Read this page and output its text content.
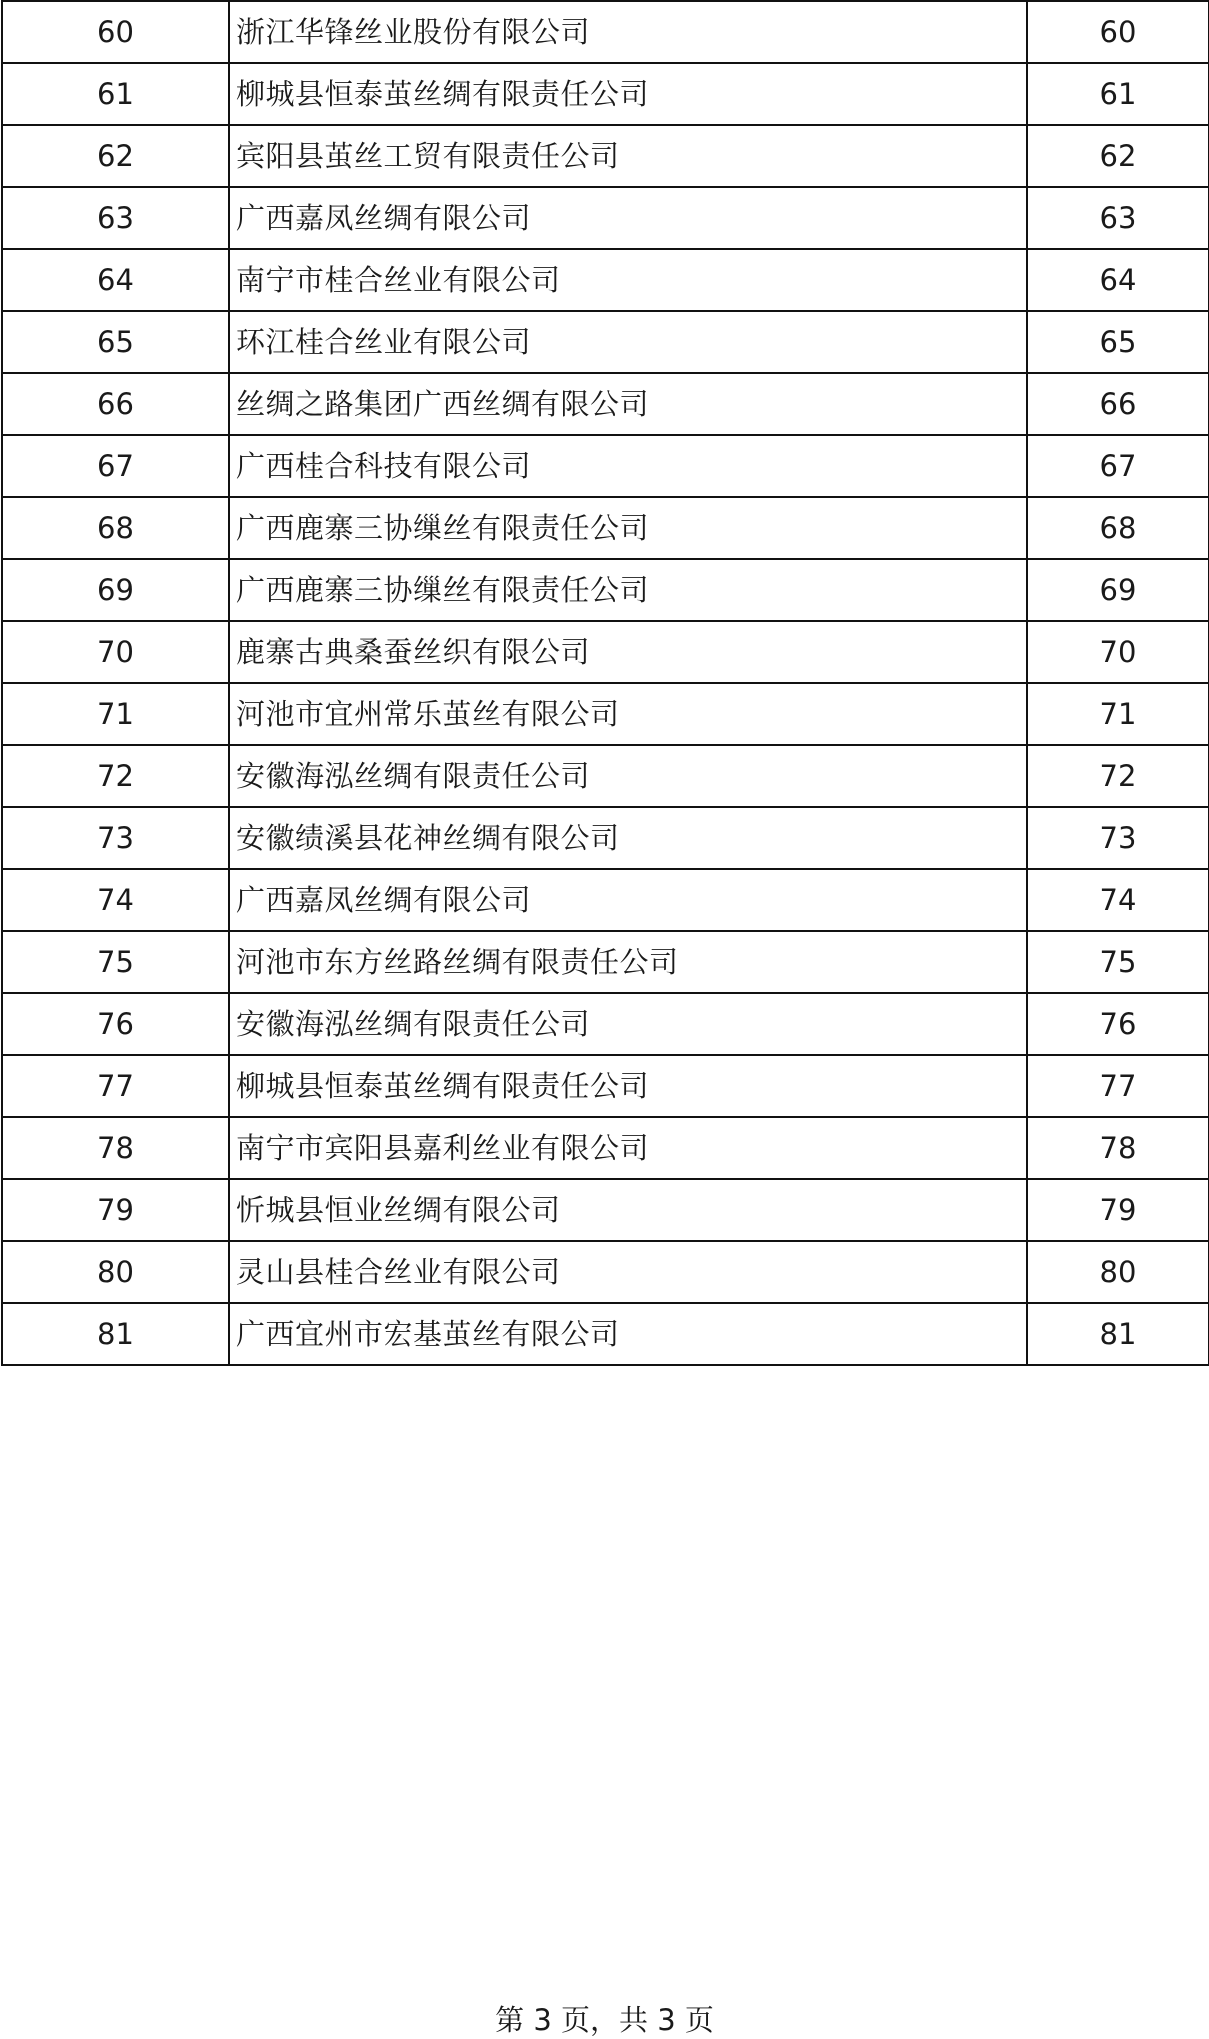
60	浙江华锋丝业股份有限公司	60
61	柳城县恒泰茧丝绸有限责任公司	61
62	宾阳县茧丝工贸有限责任公司	62
63	广西嘉凤丝绸有限公司	63
64	南宁市桂合丝业有限公司	64
65	环江桂合丝业有限公司	65
66	丝绸之路集团广西丝绸有限公司	66
67	广西桂合科技有限公司	67
68	广西鹿寨三协缫丝有限责任公司	68
69	广西鹿寨三协缫丝有限责任公司	69
70	鹿寨古典桑蚕丝织有限公司	70
71	河池市宜州常乐茧丝有限公司	71
72	安徽海泓丝绸有限责任公司	72
73	安徽绩溪县花神丝绸有限公司	73
74	广西嘉凤丝绸有限公司	74
75	河池市东方丝路丝绸有限责任公司	75
76	安徽海泓丝绸有限责任公司	76
77	柳城县恒泰茧丝绸有限责任公司	77
78	南宁市宾阳县嘉利丝业有限公司	78
79	忻城县恒业丝绸有限公司	79
80	灵山县桂合丝业有限公司	80
81	广西宜州市宏基茧丝有限公司	81
第 3 页，共 3 页
